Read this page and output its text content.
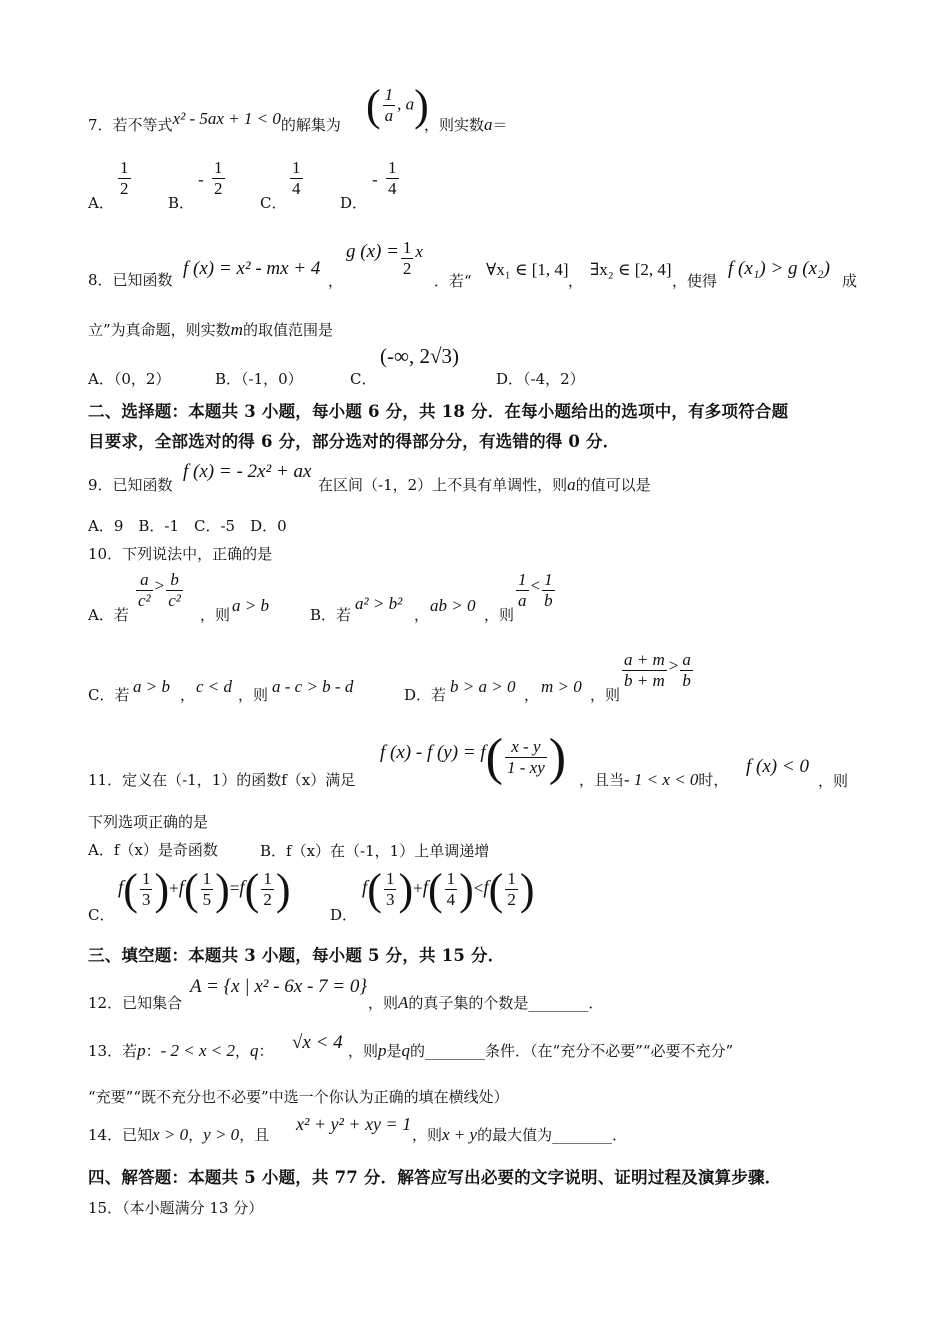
7．若不等式x² - 5ax + 1 < 0的解集为 ( $\frac{1}{a}$ , a)
，则实数a＝
A．
$\frac{1}{2}$
B．
- $\frac{1}{2}$
C．
$\frac{1}{4}$
D．
- $\frac{1}{4}$
8．已知函数
f (x) = x² - mx + 4
，
g $(x) = \frac{1}{2}$ x
．若“
∀x₁ ∈ [1, 4]
，
∃x₂ ∈ [2, 4]
，使得
f (x₁) > g (x₂)
成
立”为真命题，则实数m的取值范围是
A．（0，2）	B．（-1，0）	C．
(-∞, 2√3)
D．（-4，2）
二、选择题：本题共 3 小题，每小题 6 分，共 18 分．在每小题给出的选项中，有多项符合题
目要求，全部选对的得 6 分，部分选对的得部分分，有选错的得 0 分．
9．已知函数
f (x) = - 2x² + ax
在区间（-1，2）上不具有单调性，则a的值可以是
A．9　B．-1　C．-5　D．0
10．下列说法中，正确的是
A．若
$\frac{a}{\text{c²}} > \frac{b}{\text{c²}}$
，则 a > b	B．若
a² > b²
， ab > 0 ，则
$\frac{1}{a} < \frac{1}{b}$
C．若 a > b ， c < d ，则 a - c > b - d	D．若 b > a > 0 ， m > 0 ，则
$\frac{a + m}{b + m} > \frac{a}{b}$
11．定义在（-1，1）的函数f（x）满足
f (x) - f $(y) = f( \frac{x - y}{1 - xy}$ ) ，且当- 1 < x < 0时，
f (x) < 0
，则
下列选项正确的是
A．f（x）是奇函数	B．f（x）在（-1，1）上单调递增
C．
$f( \frac{1}{3} )+f( \frac{1}{5} )=f( \frac{1}{2}$ )
D．
$f( \frac{1}{3} )+f( \frac{1}{4} )<f( \frac{1}{2}$ )
三、填空题：本题共 3 小题，每小题 5 分，共 15 分．
12．已知集合
A = {x | x² - 6x - 7 = 0}
，则A的真子集的个数是________．
13．若p：- 2 < x < 2，q： √x < 4 ，则p是q的________条件．（在“充分不必要”“必要不充分”
“充要”“既不充分也不必要”中选一个你认为正确的填在横线处）
14．已知x > 0，y > 0，且
x² + y² + xy = 1
，则x + y的最大值为________．
四、解答题：本题共 5 小题，共 77 分．解答应写出必要的文字说明、证明过程及演算步骤．
15．（本小题满分 13 分）
